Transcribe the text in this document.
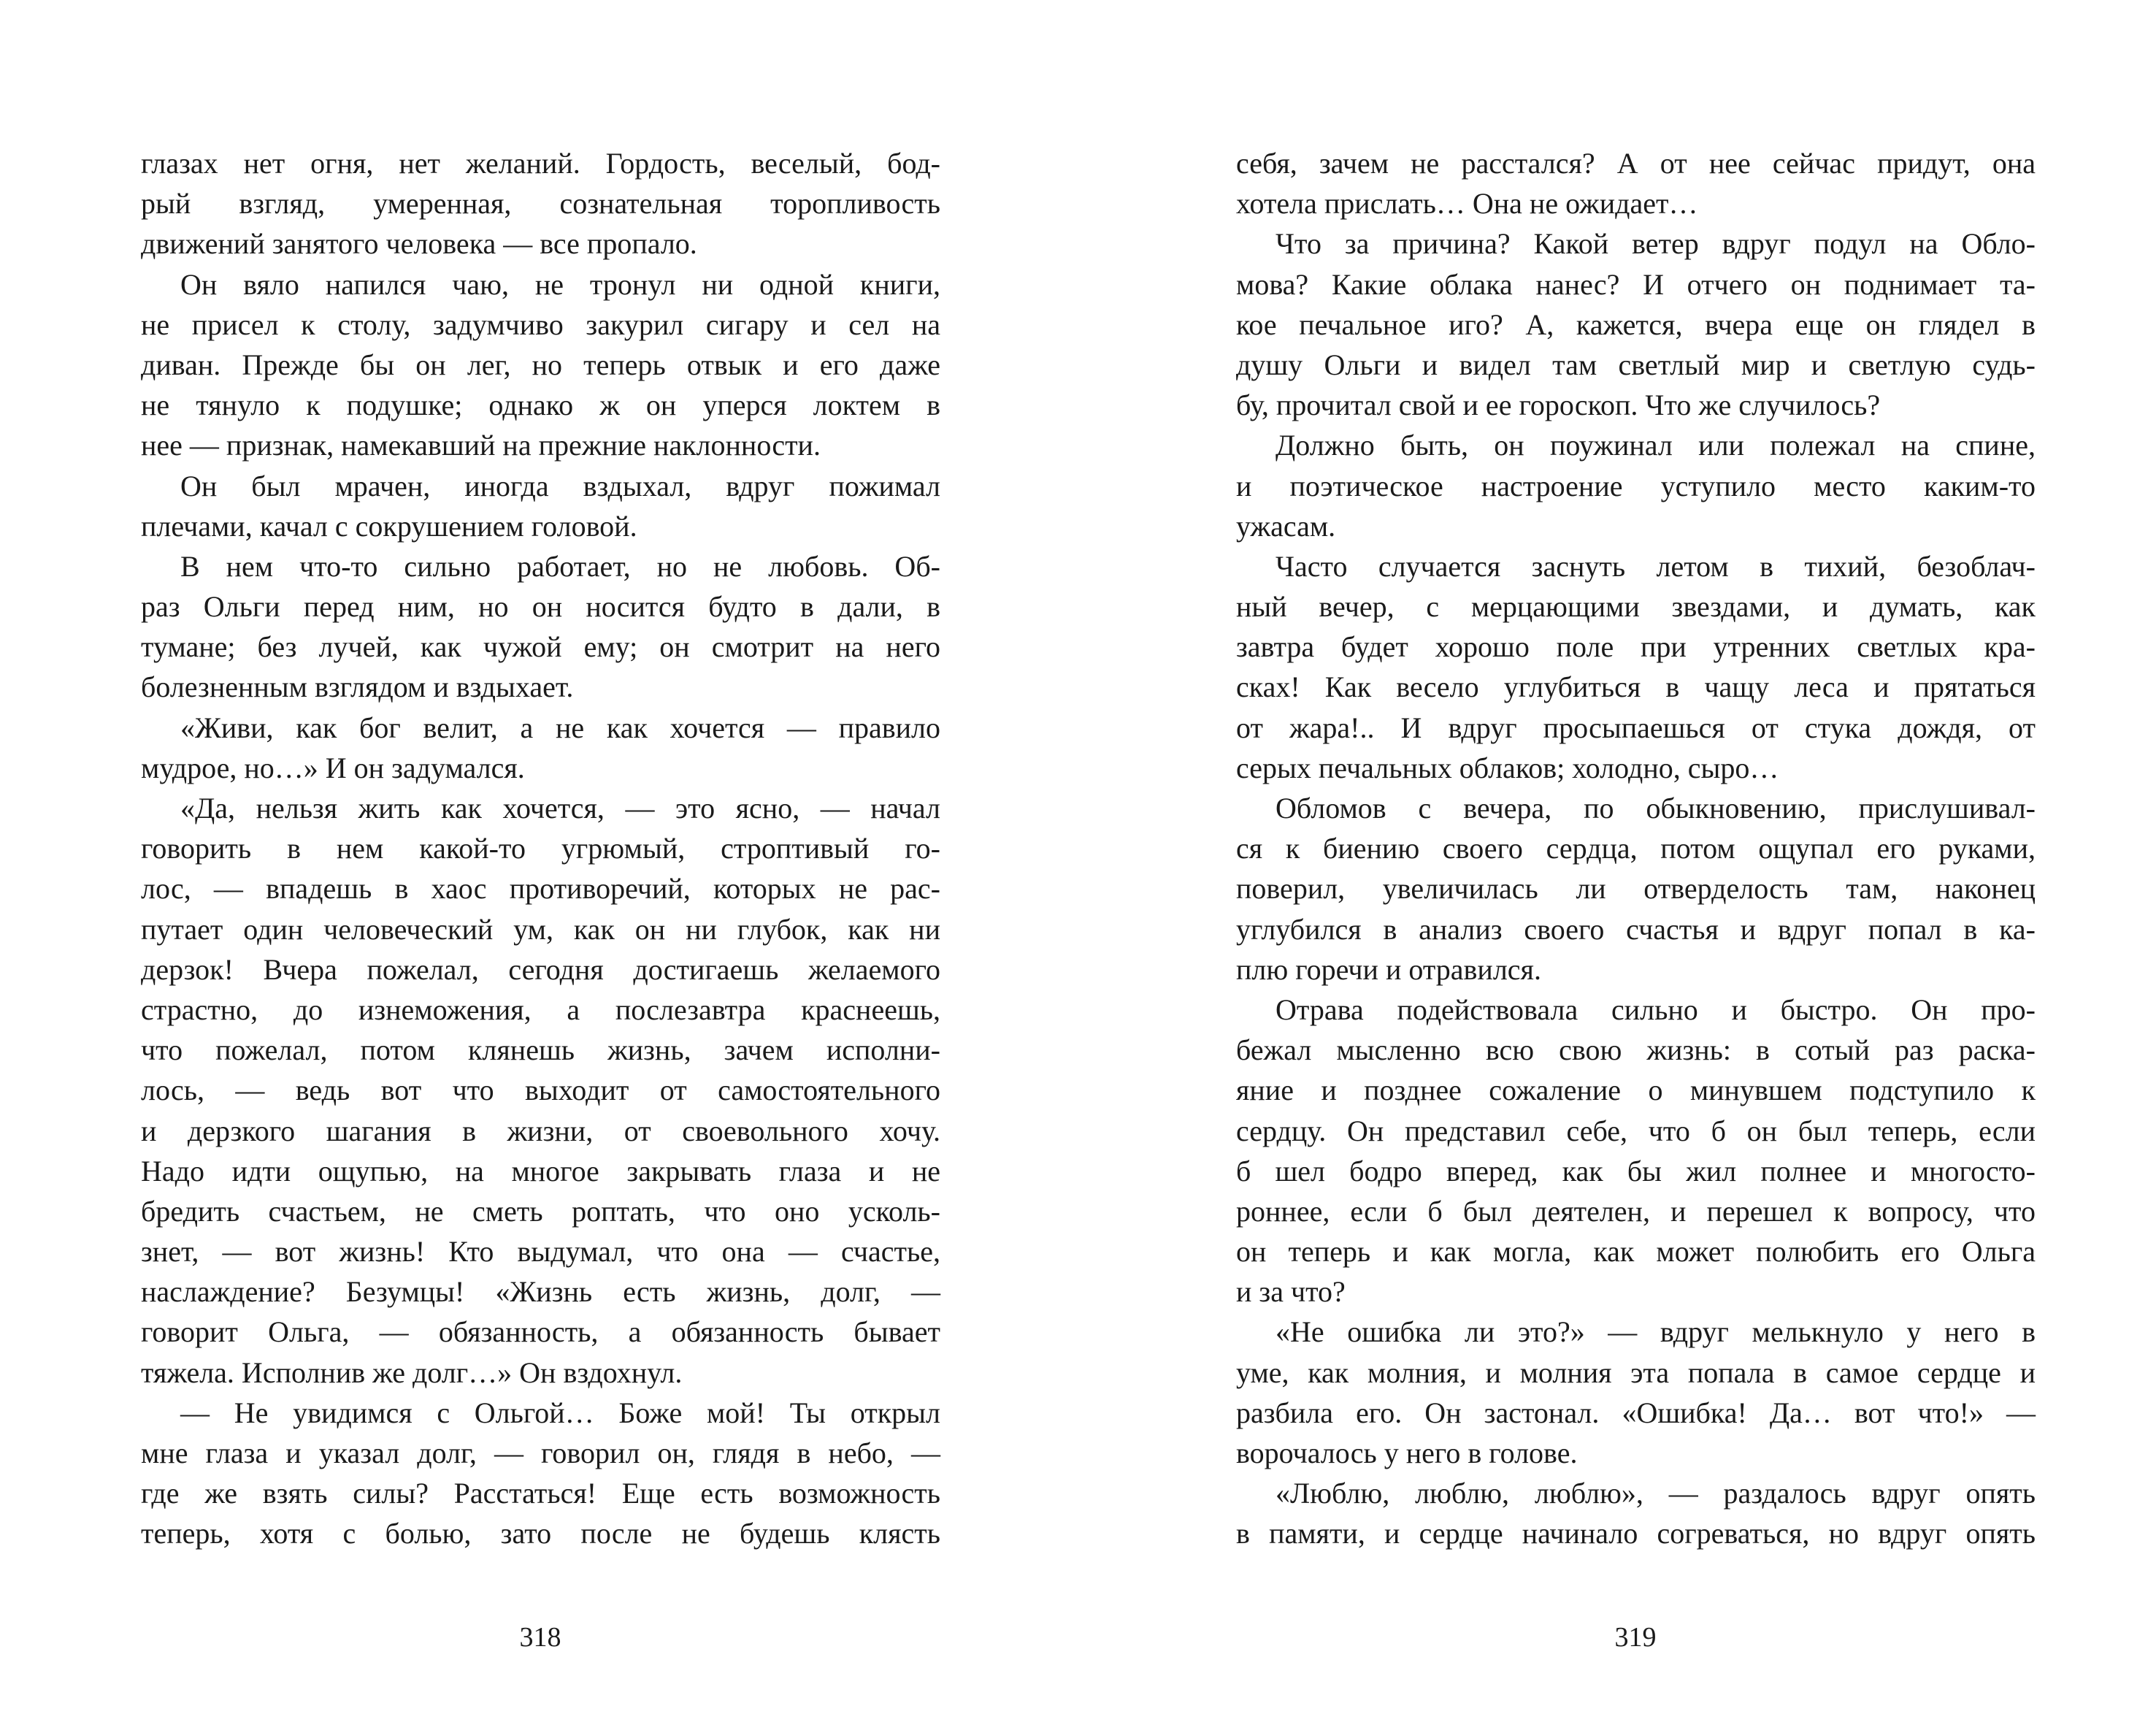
глазах нет огня, нет желаний. Гордость, веселый, бод-
рый взгляд, умеренная, сознательная торопливость
движений занятого человека — все пропало.
Он вяло напился чаю, не тронул ни одной книги,
не присел к столу, задумчиво закурил сигару и сел на
диван. Прежде бы он лег, но теперь отвык и его даже
не тянуло к подушке; однако ж он уперся локтем в
нее — признак, намекавший на прежние наклонности.
Он был мрачен, иногда вздыхал, вдруг пожимал
плечами, качал с сокрушением головой.
В нем что-то сильно работает, но не любовь. Об-
раз Ольги перед ним, но он носится будто в дали, в
тумане; без лучей, как чужой ему; он смотрит на него
болезненным взглядом и вздыхает.
«Живи, как бог велит, а не как хочется — правило
мудрое, но…» И он задумался.
«Да, нельзя жить как хочется, — это ясно, — начал
говорить в нем какой-то угрюмый, строптивый го-
лос, — впадешь в хаос противоречий, которых не рас-
путает один человеческий ум, как он ни глубок, как ни
дерзок! Вчера пожелал, сегодня достигаешь желаемого
страстно, до изнеможения, а послезавтра краснеешь,
что пожелал, потом клянешь жизнь, зачем исполни-
лось, — ведь вот что выходит от самостоятельного
и дерзкого шагания в жизни, от своевольного хочу.
Надо идти ощупью, на многое закрывать глаза и не
бредить счастьем, не сметь роптать, что оно усколь-
знет, — вот жизнь! Кто выдумал, что она — счастье,
наслаждение? Безумцы! «Жизнь есть жизнь, долг, —
говорит Ольга, — обязанность, а обязанность бывает
тяжела. Исполнив же долг…» Он вздохнул.
— Не увидимся с Ольгой… Боже мой! Ты открыл
мне глаза и указал долг, — говорил он, глядя в небо, —
где же взять силы? Расстаться! Еще есть возможность
теперь, хотя с болью, зато после не будешь клясть
себя, зачем не расстался? А от нее сейчас придут, она
хотела прислать… Она не ожидает…
Что за причина? Какой ветер вдруг подул на Обло-
мова? Какие облака нанес? И отчего он поднимает та-
кое печальное иго? А, кажется, вчера еще он глядел в
душу Ольги и видел там светлый мир и светлую судь-
бу, прочитал свой и ее гороскоп. Что же случилось?
Должно быть, он поужинал или полежал на спине,
и поэтическое настроение уступило место каким-то
ужасам.
Часто случается заснуть летом в тихий, безоблач-
ный вечер, с мерцающими звездами, и думать, как
завтра будет хорошо поле при утренних светлых кра-
сках! Как весело углубиться в чащу леса и прятаться
от жара!.. И вдруг просыпаешься от стука дождя, от
серых печальных облаков; холодно, сыро…
Обломов с вечера, по обыкновению, прислушивал-
ся к биению своего сердца, потом ощупал его руками,
поверил, увеличилась ли отверделость там, наконец
углубился в анализ своего счастья и вдруг попал в ка-
плю горечи и отравился.
Отрава подействовала сильно и быстро. Он про-
бежал мысленно всю свою жизнь: в сотый раз раска-
яние и позднее сожаление о минувшем подступило к
сердцу. Он представил себе, что б он был теперь, если
б шел бодро вперед, как бы жил полнее и многосто-
роннее, если б был деятелен, и перешел к вопросу, что
он теперь и как могла, как может полюбить его Ольга
и за что?
«Не ошибка ли это?» — вдруг мелькнуло у него в
уме, как молния, и молния эта попала в самое сердце и
разбила его. Он застонал. «Ошибка! Да… вот что!» —
ворочалось у него в голове.
«Люблю, люблю, люблю», — раздалось вдруг опять
в памяти, и сердце начинало согреваться, но вдруг опять
318	319
